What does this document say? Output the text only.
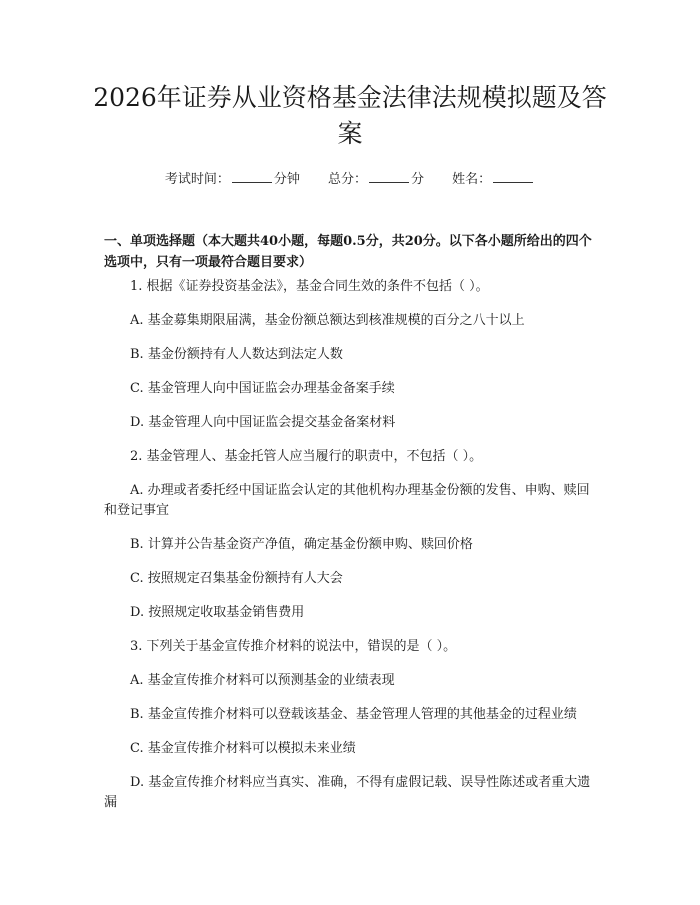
2026年证券从业资格基金法律法规模拟题及答案
考试时间：	分钟 总分：	分 姓名：

一、单项选择题（本大题共40小题，每题0.5分，共20分。以下各小题所给出的四个选项中，只有一项最符合题目要求）

1. 根据《证券投资基金法》，基金合同生效的条件不包括（ ）。

A. 基金募集期限届满，基金份额总额达到核准规模的百分之八十以上

B. 基金份额持有人人数达到法定人数

C. 基金管理人向中国证监会办理基金备案手续

D. 基金管理人向中国证监会提交基金备案材料

2. 基金管理人、基金托管人应当履行的职责中，不包括（ ）。

A. 办理或者委托经中国证监会认定的其他机构办理基金份额的发售、申购、赎回和登记事宜

B. 计算并公告基金资产净值，确定基金份额申购、赎回价格

C. 按照规定召集基金份额持有人大会

D. 按照规定收取基金销售费用

3. 下列关于基金宣传推介材料的说法中，错误的是（ ）。

A. 基金宣传推介材料可以预测基金的业绩表现

B. 基金宣传推介材料可以登载该基金、基金管理人管理的其他基金的过程业绩

C. 基金宣传推介材料可以模拟未来业绩

D. 基金宣传推介材料应当真实、准确，不得有虚假记载、误导性陈述或者重大遗漏
